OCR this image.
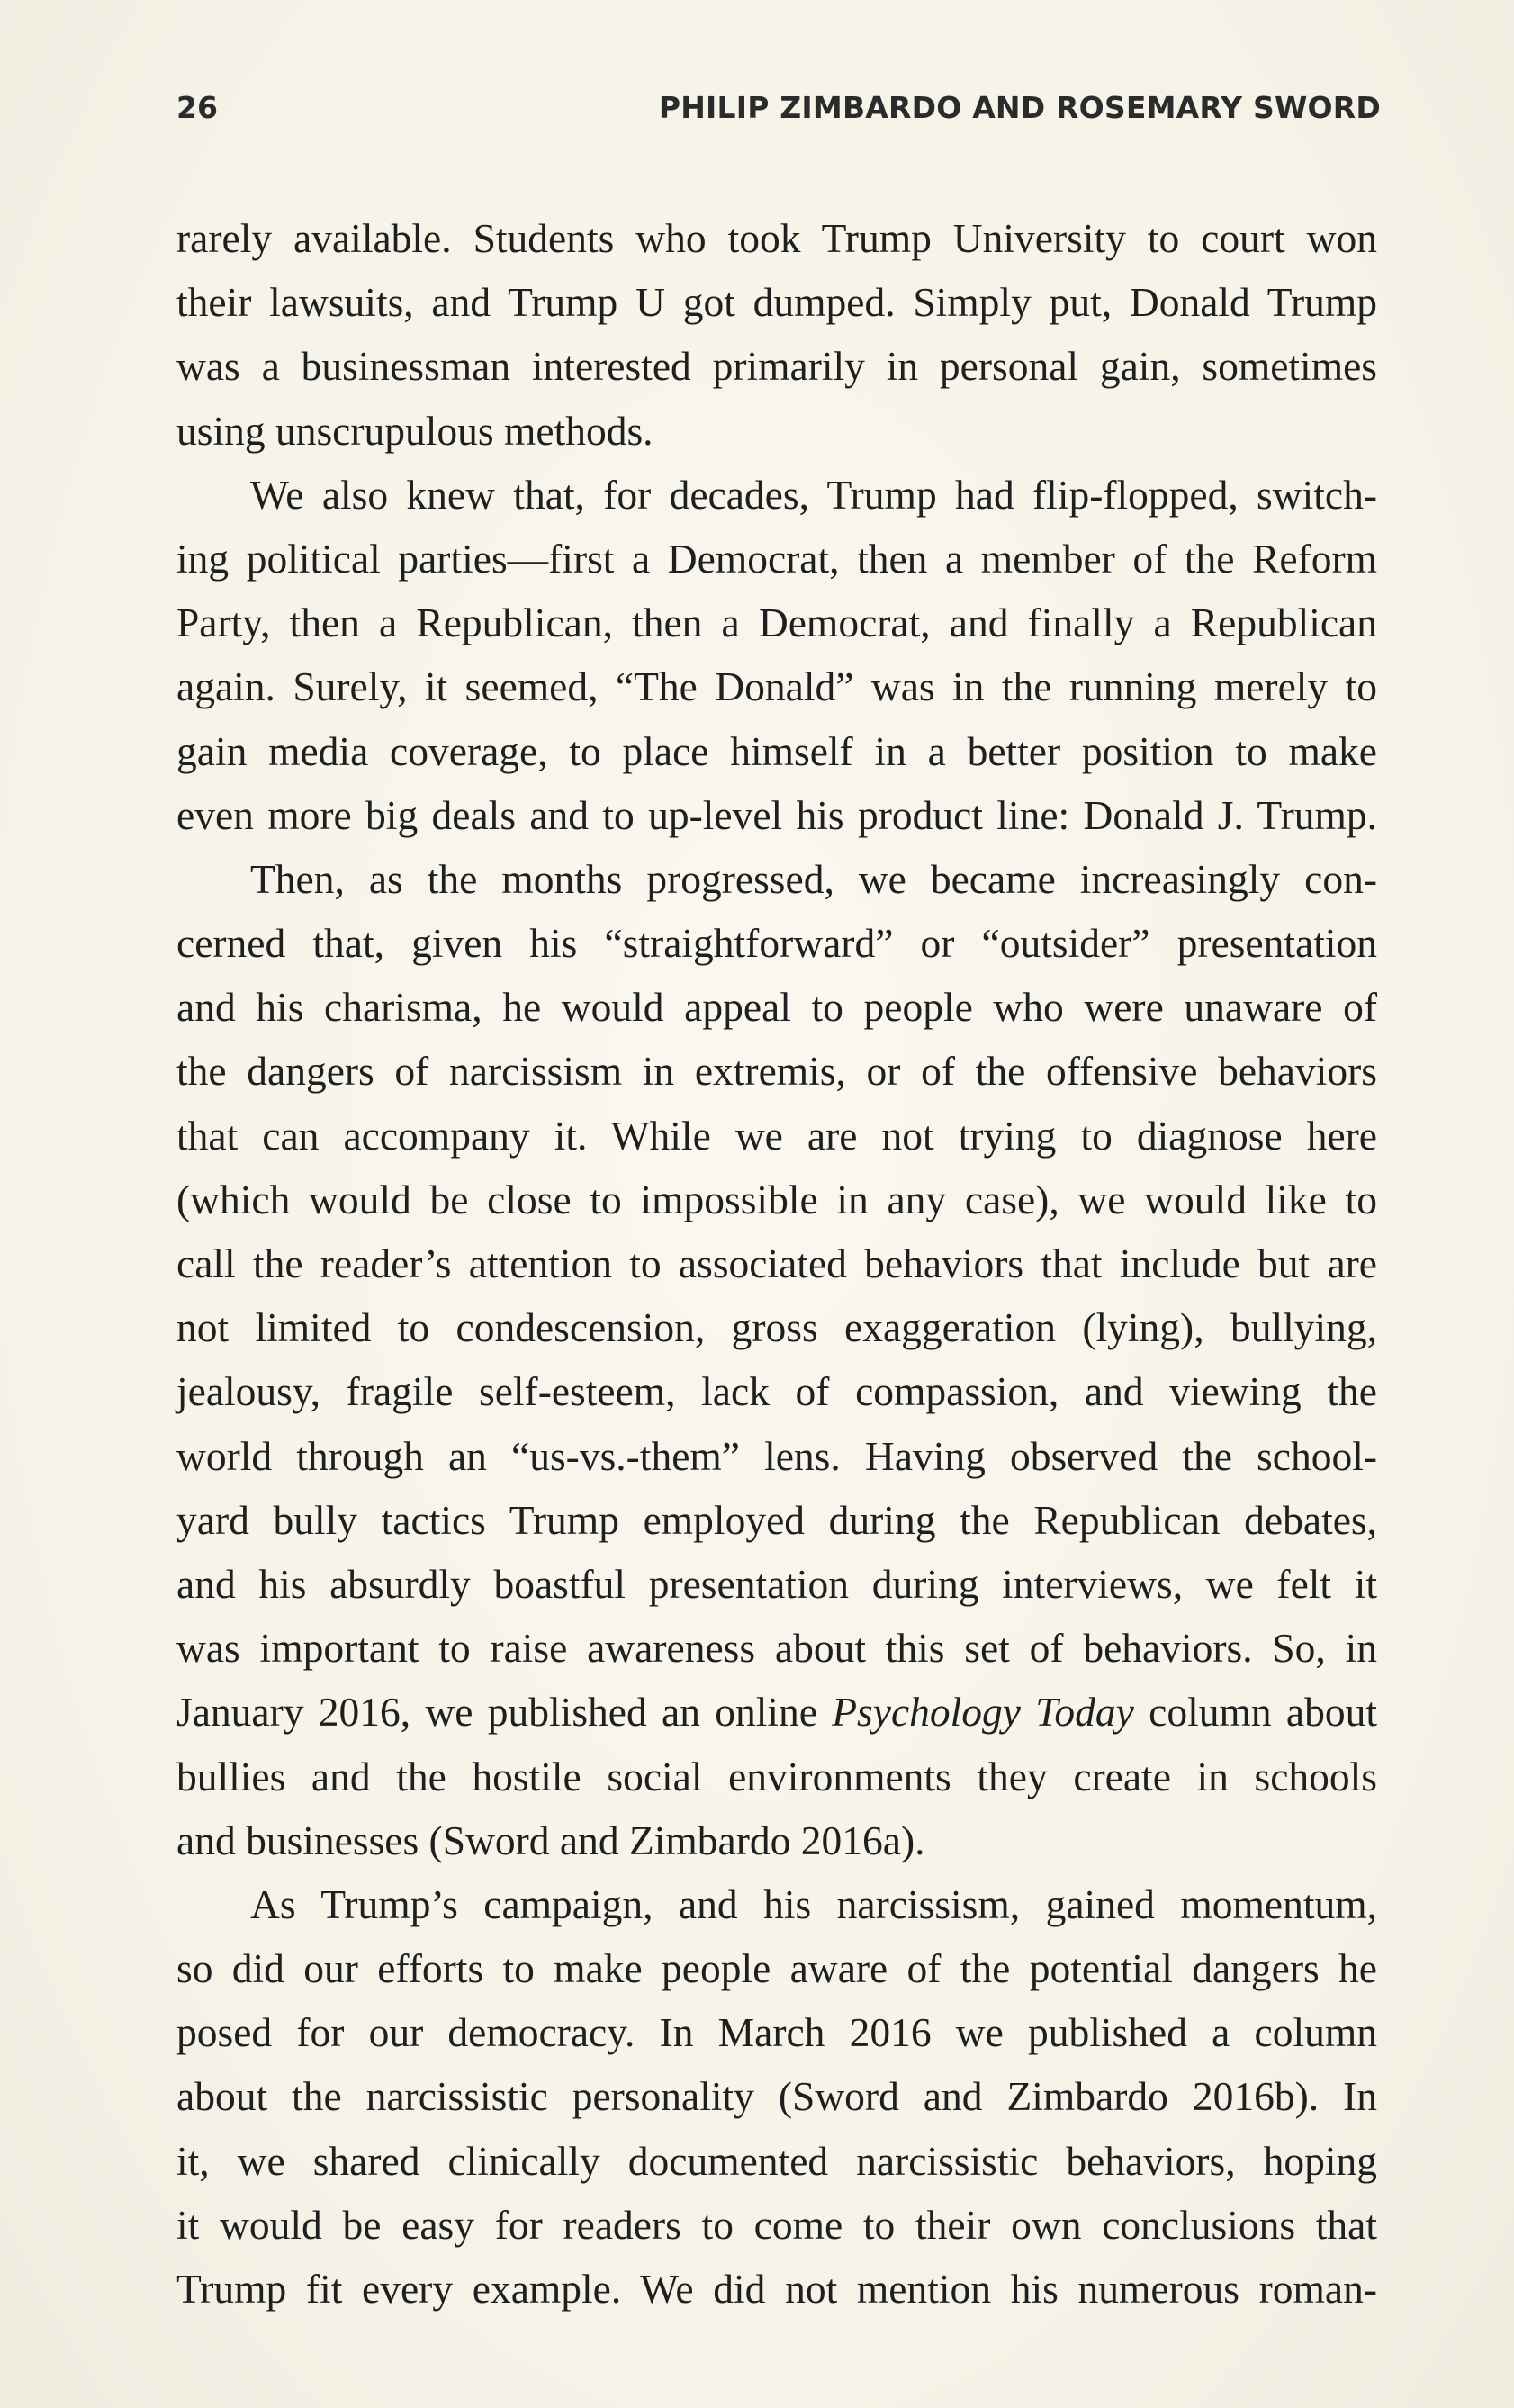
26	PHILIP ZIMBARDO AND ROSEMARY SWORD
rarely available. Students who took Trump University to court won
their lawsuits, and Trump U got dumped. Simply put, Donald Trump
was a businessman interested primarily in personal gain, sometimes
using unscrupulous methods.
We also knew that, for decades, Trump had flip-flopped, switch-
ing political parties—first a Democrat, then a member of the Reform
Party, then a Republican, then a Democrat, and finally a Republican
again. Surely, it seemed, “The Donald” was in the running merely to
gain media coverage, to place himself in a better position to make
even more big deals and to up-level his product line: Donald J. Trump.
Then, as the months progressed, we became increasingly con-
cerned that, given his “straightforward” or “outsider” presentation
and his charisma, he would appeal to people who were unaware of
the dangers of narcissism in extremis, or of the offensive behaviors
that can accompany it. While we are not trying to diagnose here
(which would be close to impossible in any case), we would like to
call the reader’s attention to associated behaviors that include but are
not limited to condescension, gross exaggeration (lying), bullying,
jealousy, fragile self-esteem, lack of compassion, and viewing the
world through an “us-vs.-them” lens. Having observed the school-
yard bully tactics Trump employed during the Republican debates,
and his absurdly boastful presentation during interviews, we felt it
was important to raise awareness about this set of behaviors. So, in
January 2016, we published an online Psychology Today column about
bullies and the hostile social environments they create in schools
and businesses (Sword and Zimbardo 2016a).
As Trump’s campaign, and his narcissism, gained momentum,
so did our efforts to make people aware of the potential dangers he
posed for our democracy. In March 2016 we published a column
about the narcissistic personality (Sword and Zimbardo 2016b). In
it, we shared clinically documented narcissistic behaviors, hoping
it would be easy for readers to come to their own conclusions that
Trump fit every example. We did not mention his numerous roman-
